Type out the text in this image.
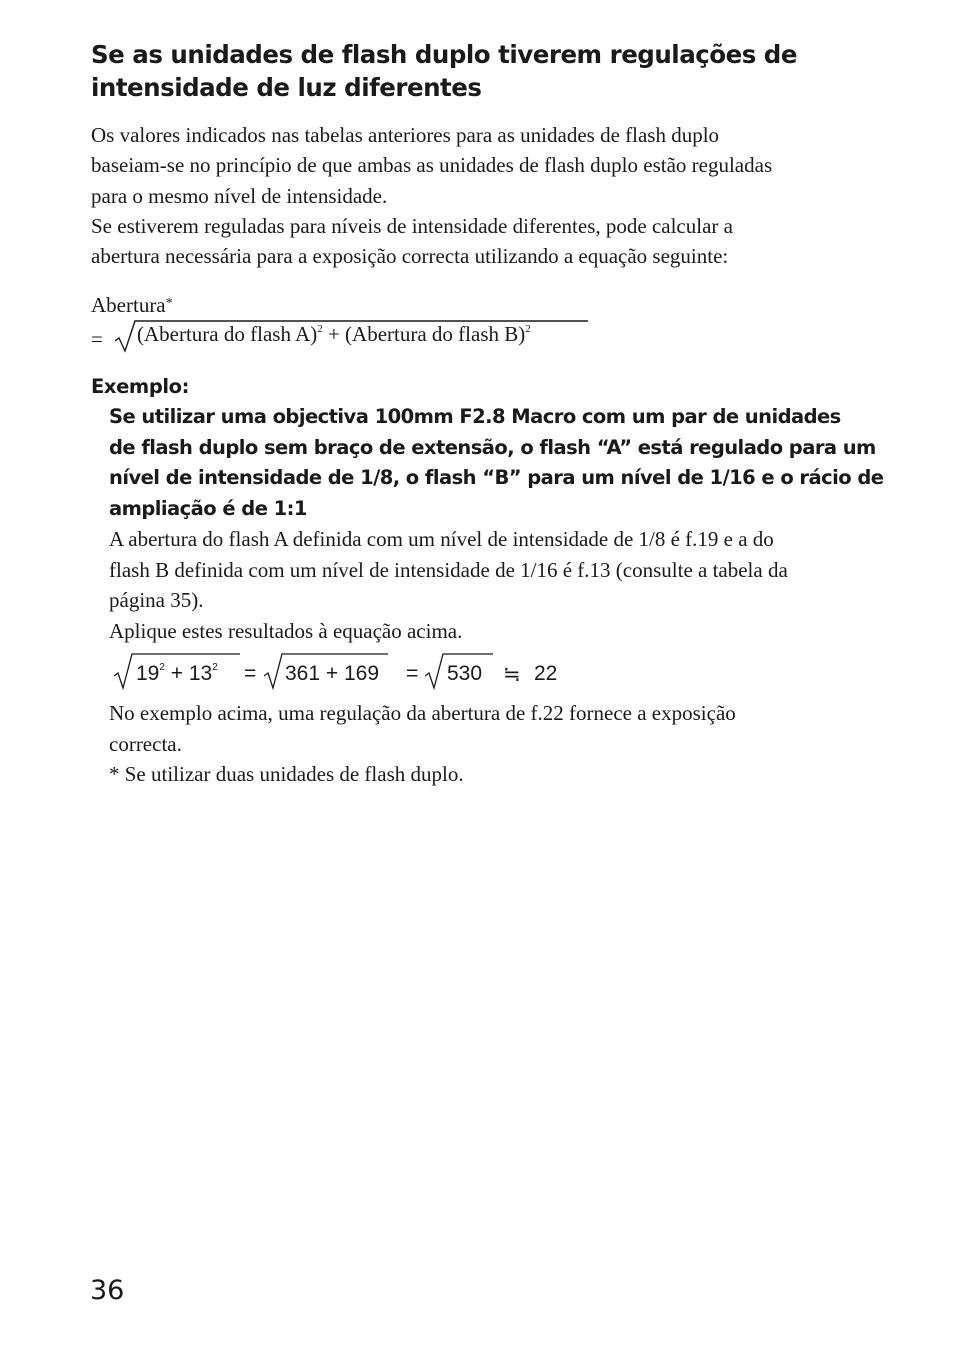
Se as unidades de flash duplo tiverem regulações de
intensidade de luz diferentes
Os valores indicados nas tabelas anteriores para as unidades de flash duplo
baseiam-se no princípio de que ambas as unidades de flash duplo estão reguladas
para o mesmo nível de intensidade.
Se estiverem reguladas para níveis de intensidade diferentes, pode calcular a
abertura necessária para a exposição correcta utilizando a equação seguinte:
Abertura*
= (Abertura do flash A)$^2$ + (Abertura do flash B)$^2$
Exemplo:
Se utilizar uma objectiva 100mm F2.8 Macro com um par de unidades
de flash duplo sem braço de extensão, o flash “A” está regulado para um
nível de intensidade de 1/8, o flash “B” para um nível de 1/16 e o rácio de
ampliação é de 1:1
A abertura do flash A definida com um nível de intensidade de 1/8 é f.19 e a do
flash B definida com um nível de intensidade de 1/16 é f.13 (consulte a tabela da
página 35).
Aplique estes resultados à equação acima.
$19^2 + 13^2 = 361 + 169 = 530$ ≒ 22
No exemplo acima, uma regulação da abertura de f.22 fornece a exposição
correcta.
* Se utilizar duas unidades de flash duplo.
36
